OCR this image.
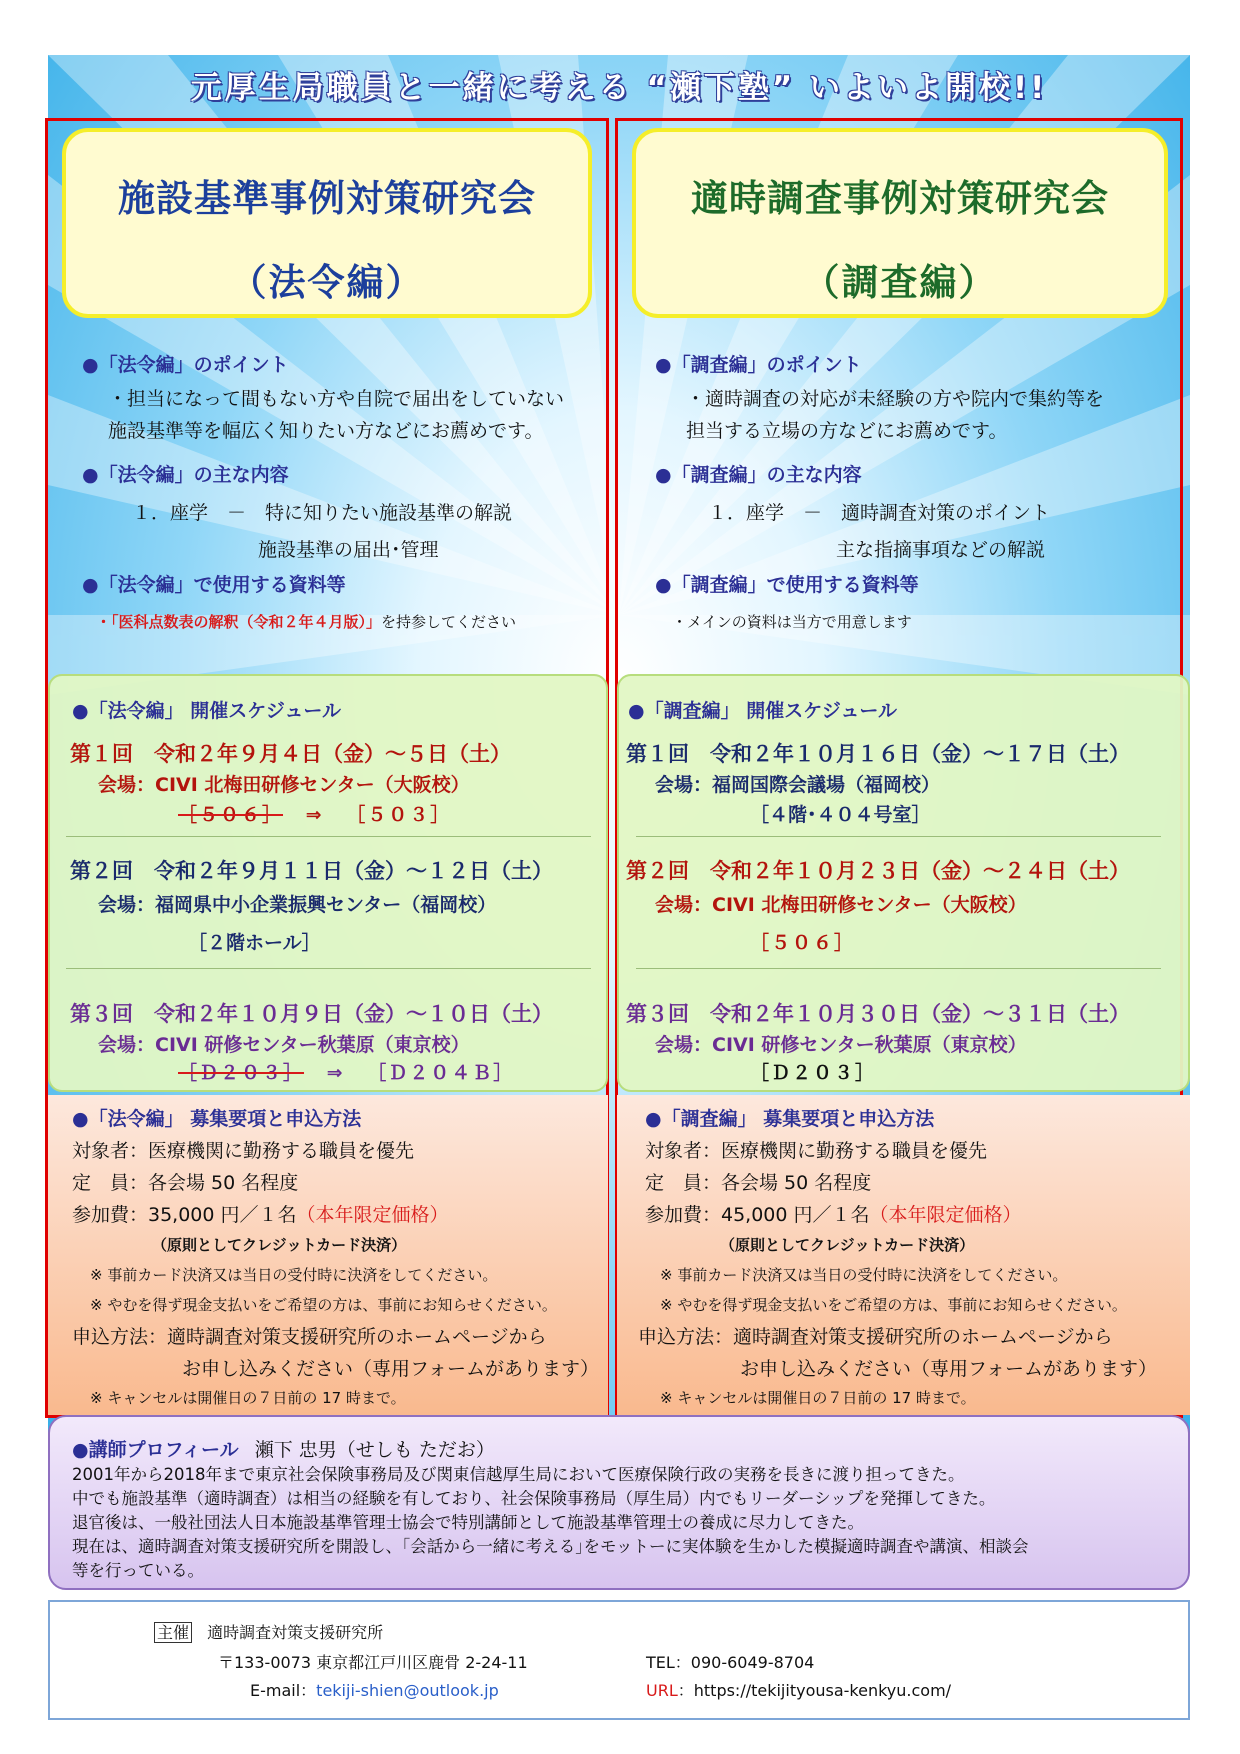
元厚生局職員と一緒に考える “瀬下塾” いよいよ開校!!
施設基準事例対策研究会
（法令編）
適時調査事例対策研究会
（調査編）
●「法令編」のポイント
・担当になって間もない方や自院で届出をしていない
施設基準等を幅広く知りたい方などにお薦めです。
●「法令編」の主な内容
１．座学　－　特に知りたい施設基準の解説
施設基準の届出･管理
●「法令編」で使用する資料等
・「医科点数表の解釈（令和２年４月版）」を持参してください
●「調査編」のポイント
・適時調査の対応が未経験の方や院内で集約等を
担当する立場の方などにお薦めです。
●「調査編」の主な内容
１．座学　－　適時調査対策のポイント
主な指摘事項などの解説
●「調査編」で使用する資料等
・メインの資料は当方で用意します
●「法令編」 開催スケジュール
第１回　令和２年９月４日（金）～５日（土）
会場：CIVI 北梅田研修センター（大阪校）
［５０６］ ⇒ ［５０３］
第２回　令和２年９月１１日（金）～１２日（土）
会場：福岡県中小企業振興センター（福岡校）
［２階ホール］
第３回　令和２年１０月９日（金）～１０日（土）
会場：CIVI 研修センター秋葉原（東京校）
［Ｄ２０３］ ⇒ ［Ｄ２０４Ｂ］
●「調査編」 開催スケジュール
第１回　令和２年１０月１６日（金）～１７日（土）
会場：福岡国際会議場（福岡校）
［４階･４０４号室］
第２回　令和２年１０月２３日（金）～２４日（土）
会場：CIVI 北梅田研修センター（大阪校）
［５０６］
第３回　令和２年１０月３０日（金）～３１日（土）
会場：CIVI 研修センター秋葉原（東京校）
［Ｄ２０３］
●「法令編」 募集要項と申込方法
対象者：医療機関に勤務する職員を優先
定　員：各会場 50 名程度
参加費：35,000 円／１名（本年限定価格）
（原則としてクレジットカード決済）
※ 事前カード決済又は当日の受付時に決済をしてください。
※ やむを得ず現金支払いをご希望の方は、事前にお知らせください。
申込方法：適時調査対策支援研究所のホームページから
お申し込みください（専用フォームがあります）
※ キャンセルは開催日の７日前の 17 時まで。
●「調査編」 募集要項と申込方法
対象者：医療機関に勤務する職員を優先
定　員：各会場 50 名程度
参加費：45,000 円／１名（本年限定価格）
（原則としてクレジットカード決済）
※ 事前カード決済又は当日の受付時に決済をしてください。
※ やむを得ず現金支払いをご希望の方は、事前にお知らせください。
申込方法：適時調査対策支援研究所のホームページから
お申し込みください（専用フォームがあります）
※ キャンセルは開催日の７日前の 17 時まで。
●講師プロフィール 瀬下 忠男（せしも ただお）
2001年から2018年まで東京社会保険事務局及び関東信越厚生局において医療保険行政の実務を長きに渡り担ってきた。
中でも施設基準（適時調査）は相当の経験を有しており、社会保険事務局（厚生局）内でもリーダーシップを発揮してきた。
退官後は、一般社団法人日本施設基準管理士協会で特別講師として施設基準管理士の養成に尽力してきた。
現在は、適時調査対策支援研究所を開設し、｢会話から一緒に考える｣をモットーに実体験を生かした模擬適時調査や講演、相談会
等を行っている。
主催 適時調査対策支援研究所
〒133-0073 東京都江戸川区鹿骨 2-24-11	TEL：090-6049-8704
E-mail：tekiji-shien@outlook.jp	URL：https://tekijityousa-kenkyu.com/
